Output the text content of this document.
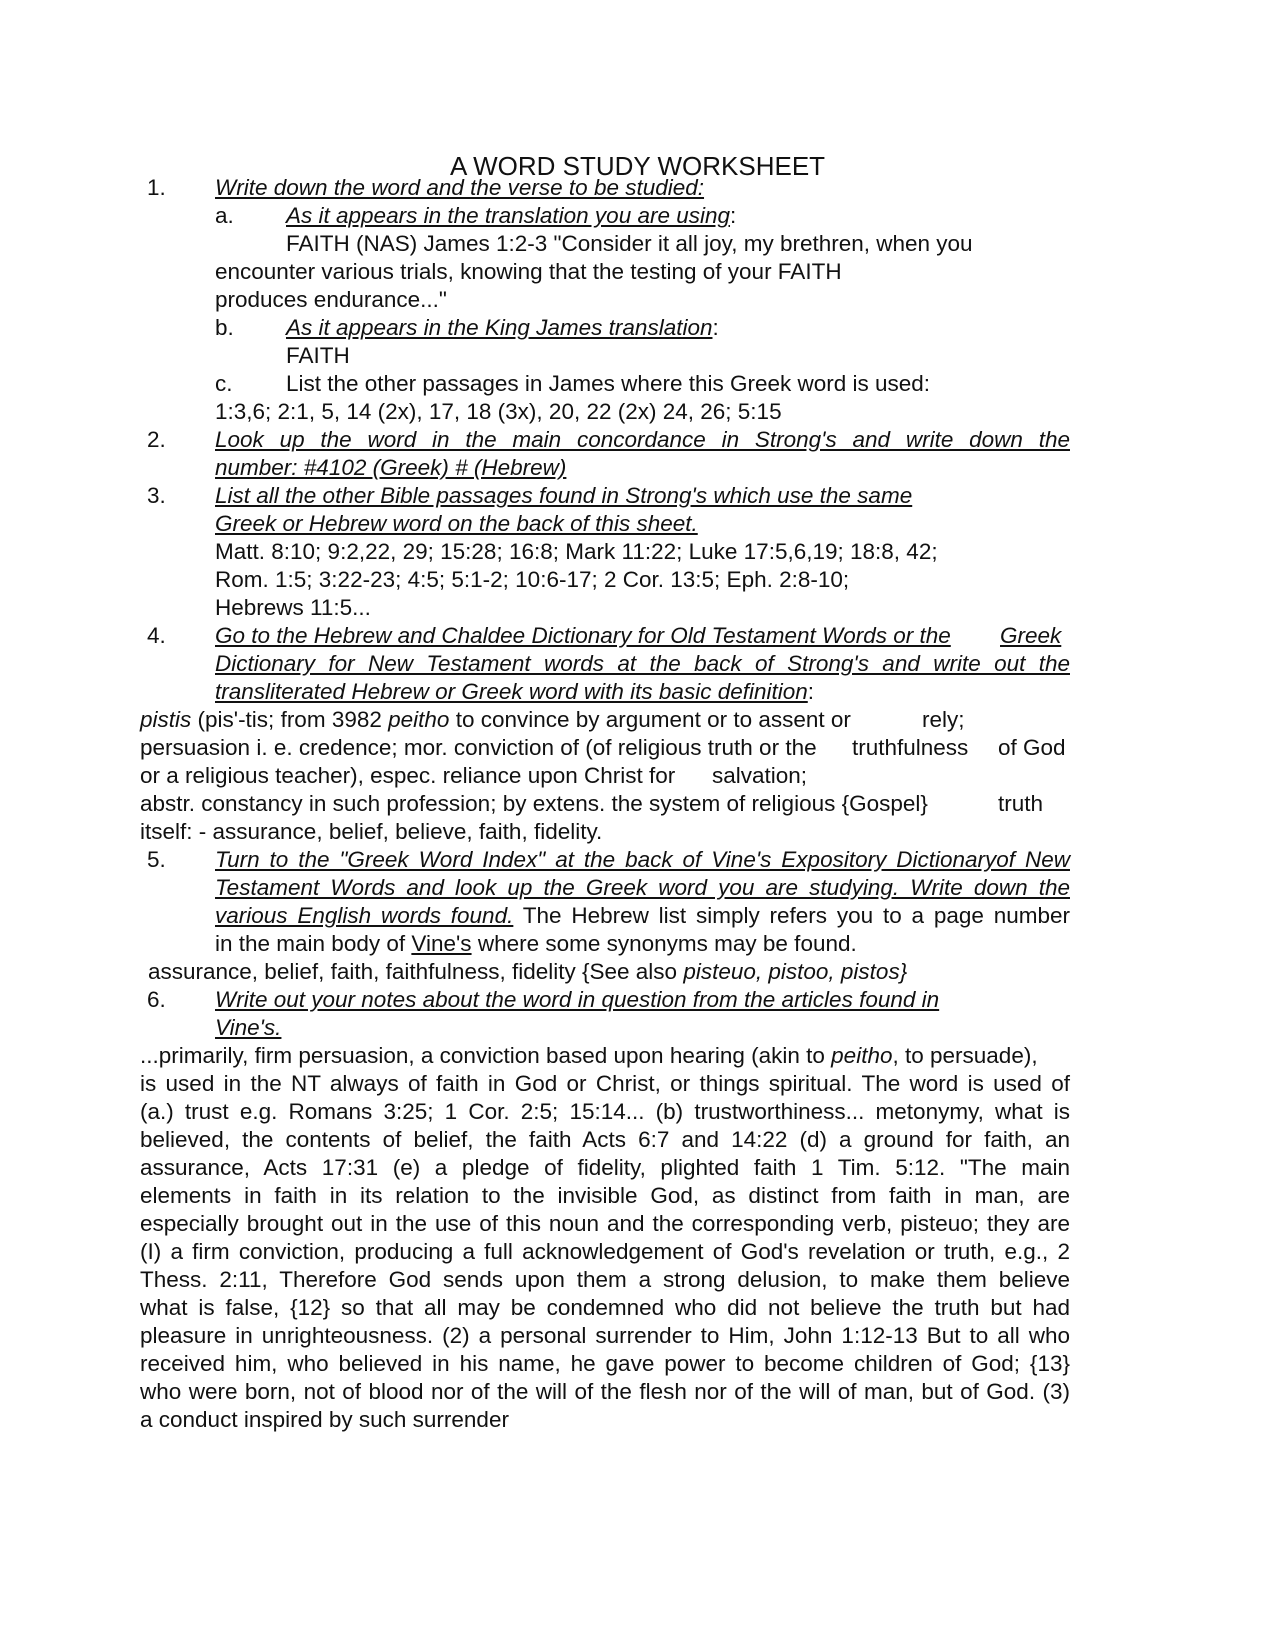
A WORD STUDY WORKSHEET
1. Write down the word and the verse to be studied:
a. As it appears in the translation you are using:
FAITH (NAS) James 1:2-3 "Consider it all joy, my brethren, when you
encounter various trials, knowing that the testing of your FAITH
produces endurance..."
b. As it appears in the King James translation:
FAITH
c. List the other passages in James where this Greek word is used:
1:3,6; 2:1, 5, 14 (2x), 17, 18 (3x), 20, 22 (2x) 24, 26; 5:15
2. Look up the word in the main concordance in Strong's and write down the
number: #4102 (Greek) # (Hebrew)
3. List all the other Bible passages found in Strong's which use the same
Greek or Hebrew word on the back of this sheet.
Matt. 8:10; 9:2,22, 29; 15:28; 16:8; Mark 11:22; Luke 17:5,6,19; 18:8, 42;
Rom. 1:5; 3:22-23; 4:5; 5:1-2; 10:6-17; 2 Cor. 13:5; Eph. 2:8-10;
Hebrews 11:5...
4. Go to the Hebrew and Chaldee Dictionary for Old Testament Words or the Greek
Dictionary for New Testament words at the back of Strong's and write out the
transliterated Hebrew or Greek word with its basic definition:
pistis (pis'-tis; from 3982 peitho to convince by argument or to assent or	rely;
persuasion i. e. credence; mor. conviction of (of religious truth or the truthfulness of God
or a religious teacher), espec. reliance upon Christ for salvation;
abstr. constancy in such profession; by extens. the system of religious {Gospel}	truth
itself: - assurance, belief, believe, faith, fidelity.
5. Turn to the "Greek Word Index" at the back of Vine's Expository Dictionaryof New
Testament Words and look up the Greek word you are studying. Write down the
various English words found. The Hebrew list simply refers you to a page number
in the main body of Vine's where some synonyms may be found.
assurance, belief, faith, faithfulness, fidelity {See also pisteuo, pistoo, pistos}
6. Write out your notes about the word in question from the articles found in
Vine's.
...primarily, firm persuasion, a conviction based upon hearing (akin to peitho, to persuade),
is used in the NT always of faith in God or Christ, or things spiritual. The word is used of
(a.) trust e.g. Romans 3:25; 1 Cor. 2:5; 15:14... (b) trustworthiness... metonymy, what is
believed, the contents of belief, the faith Acts 6:7 and 14:22 (d) a ground for faith, an
assurance, Acts 17:31 (e) a pledge of fidelity, plighted faith 1 Tim. 5:12. "The main
elements in faith in its relation to the invisible God, as distinct from faith in man, are
especially brought out in the use of this noun and the corresponding verb, pisteuo; they are
(I) a firm conviction, producing a full acknowledgement of God's revelation or truth, e.g., 2
Thess. 2:11, Therefore God sends upon them a strong delusion, to make them believe
what is false, {12} so that all may be condemned who did not believe the truth but had
pleasure in unrighteousness. (2) a personal surrender to Him, John 1:12-13 But to all who
received him, who believed in his name, he gave power to become children of God; {13}
who were born, not of blood nor of the will of the flesh nor of the will of man, but of God. (3)
a conduct inspired by such surrender
